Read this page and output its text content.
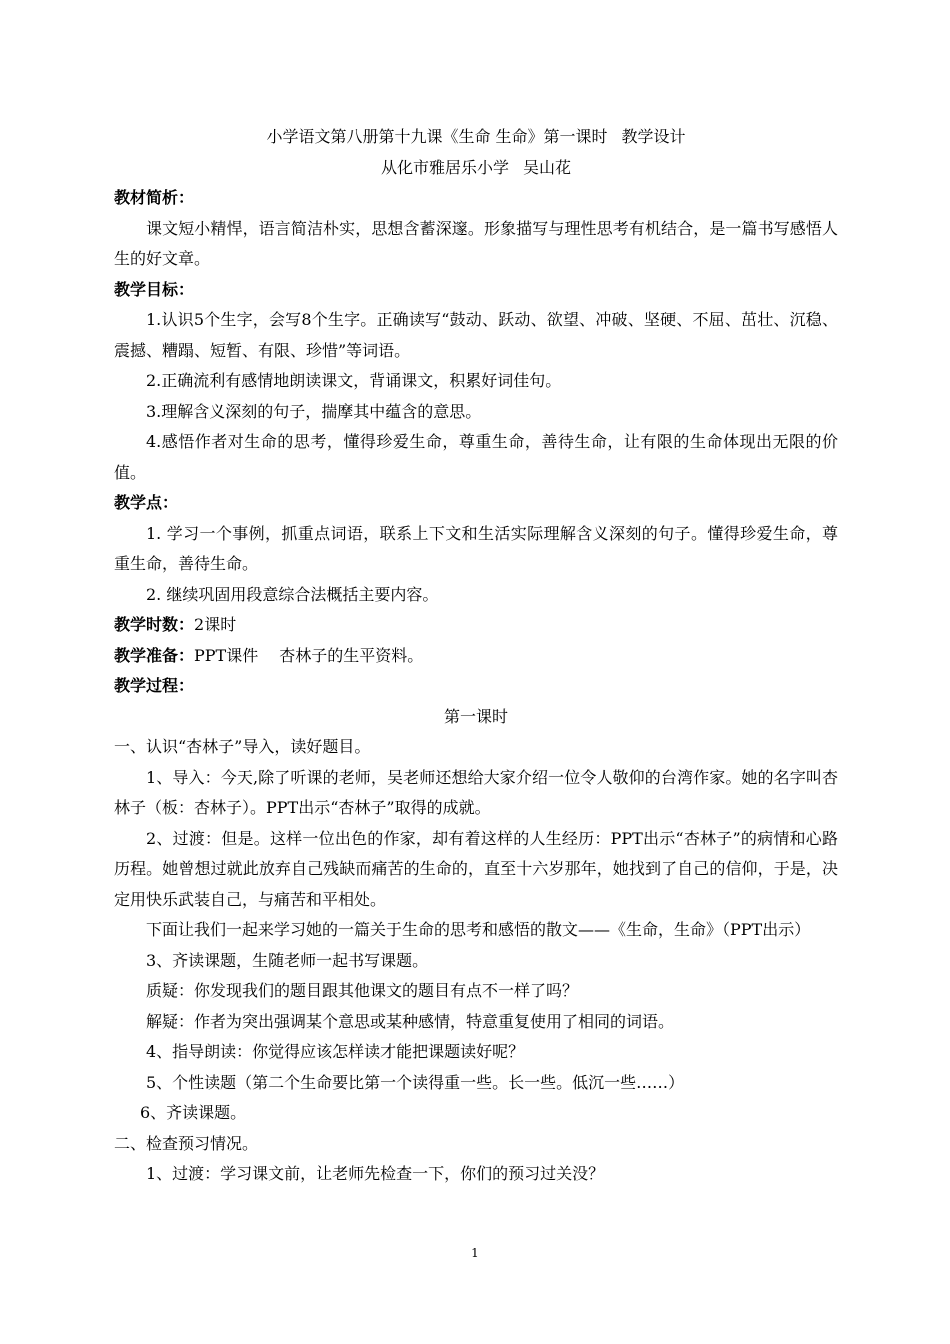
小学语文第八册第十九课《生命 生命》第一课时 教学设计
从化市雅居乐小学 吴山花
教材简析：

课文短小精悍，语言简洁朴实，思想含蓄深邃。形象描写与理性思考有机结合，是一篇书写感悟人生的好文章。

教学目标：

1.认识5个生字，会写8个生字。正确读写“鼓动、跃动、欲望、冲破、坚硬、不屈、茁壮、沉稳、震撼、糟蹋、短暂、有限、珍惜”等词语。

2.正确流利有感情地朗读课文，背诵课文，积累好词佳句。

3.理解含义深刻的句子，揣摩其中蕴含的意思。

4.感悟作者对生命的思考，懂得珍爱生命，尊重生命，善待生命，让有限的生命体现出无限的价值。

教学点：

1. 学习一个事例，抓重点词语，联系上下文和生活实际理解含义深刻的句子。懂得珍爱生命，尊重生命，善待生命。

2. 继续巩固用段意综合法概括主要内容。

教学时数：2课时
教学准备：PPT课件　 杏林子的生平资料。
教学过程：
第一课时

一、认识“杏林子”导入，读好题目。

1、导入：今天,除了听课的老师，吴老师还想给大家介绍一位令人敬仰的台湾作家。她的名字叫杏林子（板：杏林子）。PPT出示“杏林子”取得的成就。

2、过渡：但是。这样一位出色的作家，却有着这样的人生经历：PPT出示“杏林子”的病情和心路历程。她曾想过就此放弃自己残缺而痛苦的生命的，直至十六岁那年，她找到了自己的信仰，于是，决定用快乐武装自己，与痛苦和平相处。

下面让我们一起来学习她的一篇关于生命的思考和感悟的散文——《生命，生命》（PPT出示）

3、齐读课题，生随老师一起书写课题。

质疑：你发现我们的题目跟其他课文的题目有点不一样了吗？

解疑：作者为突出强调某个意思或某种感情，特意重复使用了相同的词语。

4、指导朗读：你觉得应该怎样读才能把课题读好呢？

5、个性读题（第二个生命要比第一个读得重一些。长一些。低沉一些……）

6、齐读课题。

二、检查预习情况。

1、过渡：学习课文前，让老师先检查一下，你们的预习过关没？

1
